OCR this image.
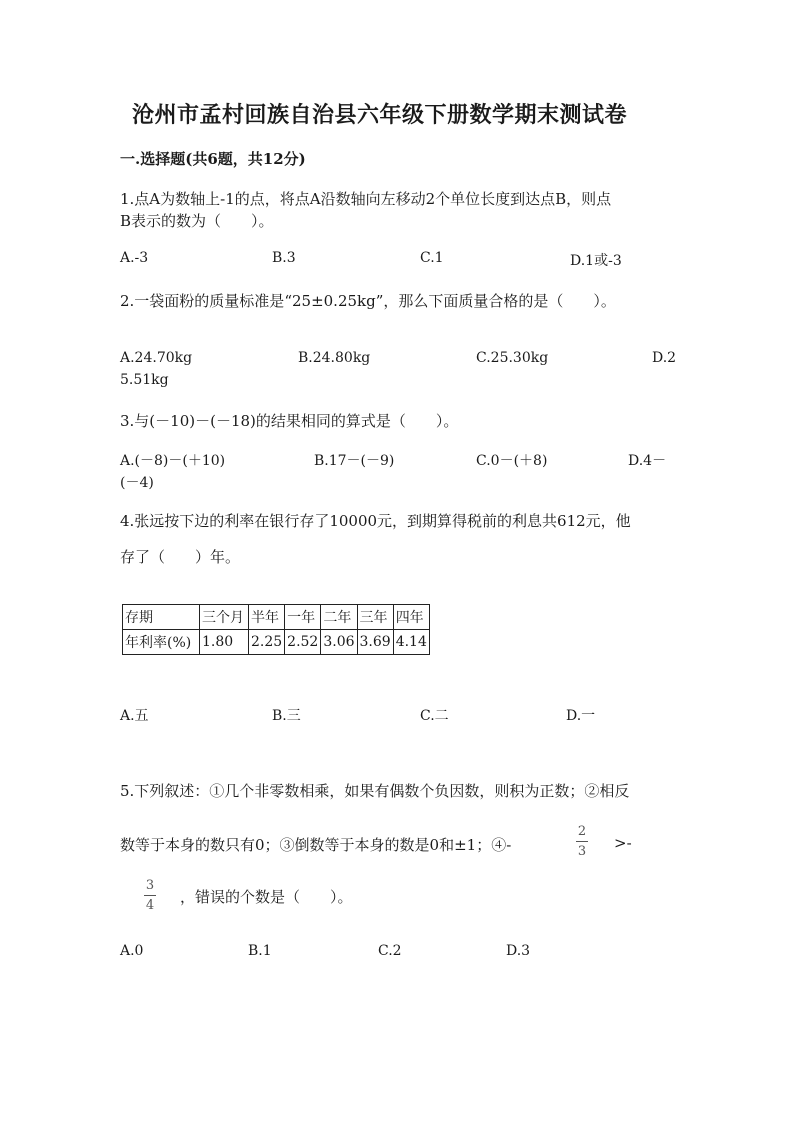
沧州市孟村回族自治县六年级下册数学期末测试卷
一.选择题(共6题，共12分)
1.点A为数轴上-1的点，将点A沿数轴向左移动2个单位长度到达点B，则点
B表示的数为（　　）。
A.-3	B.3	C.1	D.1或-3
2.一袋面粉的质量标准是“25±0.25kg”，那么下面质量合格的是（　　）。
A.24.70kg	B.24.80kg	C.25.30kg	D.2
5.51kg
3.与(－10)－(－18)的结果相同的算式是（　　）。
A.(－8)－(＋10)	B.17－(－9)	C.0－(＋8)	D.4－
(－4)
4.张远按下边的利率在银行存了10000元，到期算得税前的利息共612元，他
存了（　　）年。
存期	三个月	半年	一年	二年	三年	四年
年利率(%)	1.80	2.25	2.52	3.06	3.69	4.14
A.五	B.三	C.二	D.一
5.下列叙述：①几个非零数相乘，如果有偶数个负因数，则积为正数；②相反
数等于本身的数只有0；③倒数等于本身的数是0和±1；④-
2
3 >-
3
4 ，错误的个数是（　　）。
A.0	B.1	C.2	D.3
